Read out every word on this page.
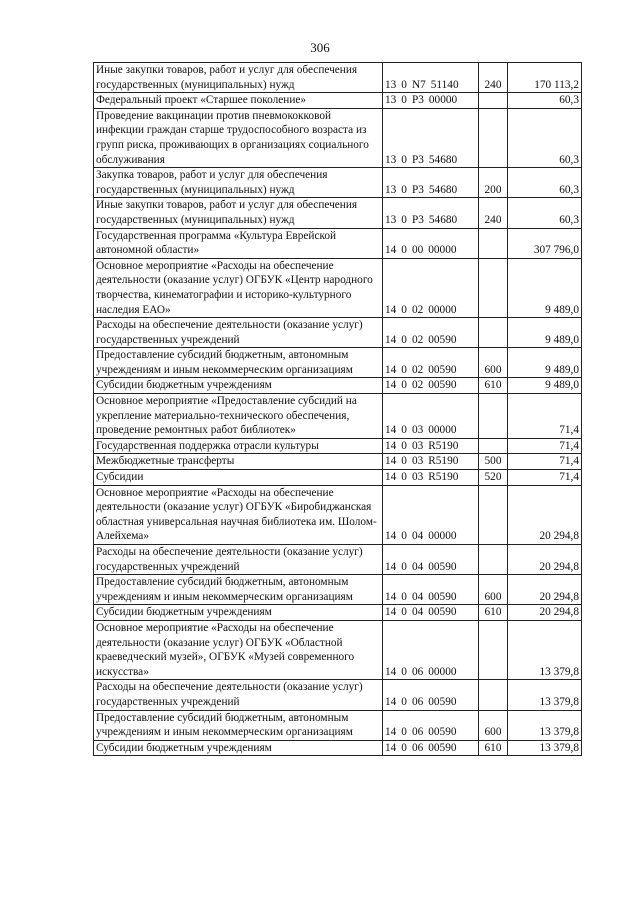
306
Иные закупки товаров, работ и услуг для обеспечения государственных (муниципальных) нужд	13 0 N7 51140	240	170 113,2
Федеральный проект «Старшее поколение»	13 0 P3 00000		60,3
Проведение вакцинации против пневмококковой инфекции граждан старше трудоспособного возраста из групп риска, проживающих в организациях социального обслуживания	13 0 P3 54680		60,3
Закупка товаров, работ и услуг для обеспечения государственных (муниципальных) нужд	13 0 P3 54680	200	60,3
Иные закупки товаров, работ и услуг для обеспечения государственных (муниципальных) нужд	13 0 P3 54680	240	60,3
Государственная программа «Культура Еврейской автономной области»	14 0 00 00000		307 796,0
Основное мероприятие «Расходы на обеспечение деятельности (оказание услуг) ОГБУК «Центр народного творчества, кинематографии и историко-культурного наследия ЕАО»	14 0 02 00000		9 489,0
Расходы на обеспечение деятельности (оказание услуг) государственных учреждений	14 0 02 00590		9 489,0
Предоставление субсидий бюджетным, автономным учреждениям и иным некоммерческим организациям	14 0 02 00590	600	9 489,0
Субсидии бюджетным учреждениям	14 0 02 00590	610	9 489,0
Основное мероприятие «Предоставление субсидий на укрепление материально-технического обеспечения, проведение ремонтных работ библиотек»	14 0 03 00000		71,4
Государственная поддержка отрасли культуры	14 0 03 R5190		71,4
Межбюджетные трансферты	14 0 03 R5190	500	71,4
Субсидии	14 0 03 R5190	520	71,4
Основное мероприятие «Расходы на обеспечение деятельности (оказание услуг) ОГБУК «Биробиджанская областная универсальная научная библиотека им. Шолом-Алейхема»	14 0 04 00000		20 294,8
Расходы на обеспечение деятельности (оказание услуг) государственных учреждений	14 0 04 00590		20 294,8
Предоставление субсидий бюджетным, автономным учреждениям и иным некоммерческим организациям	14 0 04 00590	600	20 294,8
Субсидии бюджетным учреждениям	14 0 04 00590	610	20 294,8
Основное мероприятие «Расходы на обеспечение деятельности (оказание услуг) ОГБУК «Областной краеведческий музей», ОГБУК «Музей современного искусства»	14 0 06 00000		13 379,8
Расходы на обеспечение деятельности (оказание услуг) государственных учреждений	14 0 06 00590		13 379,8
Предоставление субсидий бюджетным, автономным учреждениям и иным некоммерческим организациям	14 0 06 00590	600	13 379,8
Субсидии бюджетным учреждениям	14 0 06 00590	610	13 379,8
